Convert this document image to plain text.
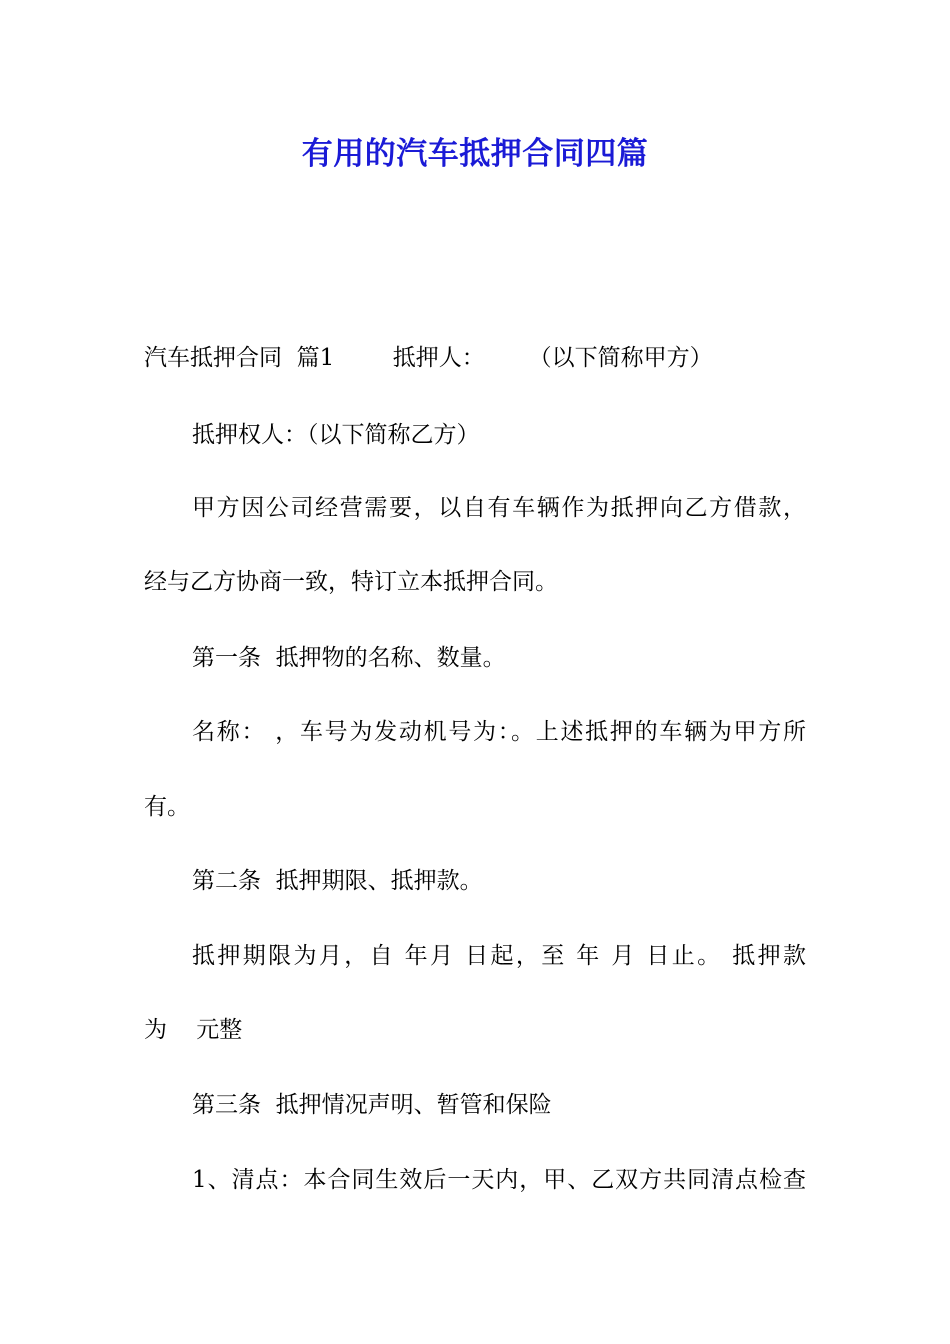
有用的汽车抵押合同四篇
汽车抵押合同  篇1        抵押人：      （以下简称甲方）
抵押权人：（以下简称乙方）
甲方因公司经营需要，以自有车辆作为抵押向乙方借款，
经与乙方协商一致，特订立本抵押合同。
第一条  抵押物的名称、数量。
名称： ，车号为发动机号为：。上述抵押的车辆为甲方所
有。
第二条  抵押期限、抵押款。
抵押期限为月，自 年月 日起，至 年 月 日止。 抵押款
为    元整
第三条  抵押情况声明、暂管和保险
1、清点：本合同生效后一天内，甲、乙双方共同清点检查
